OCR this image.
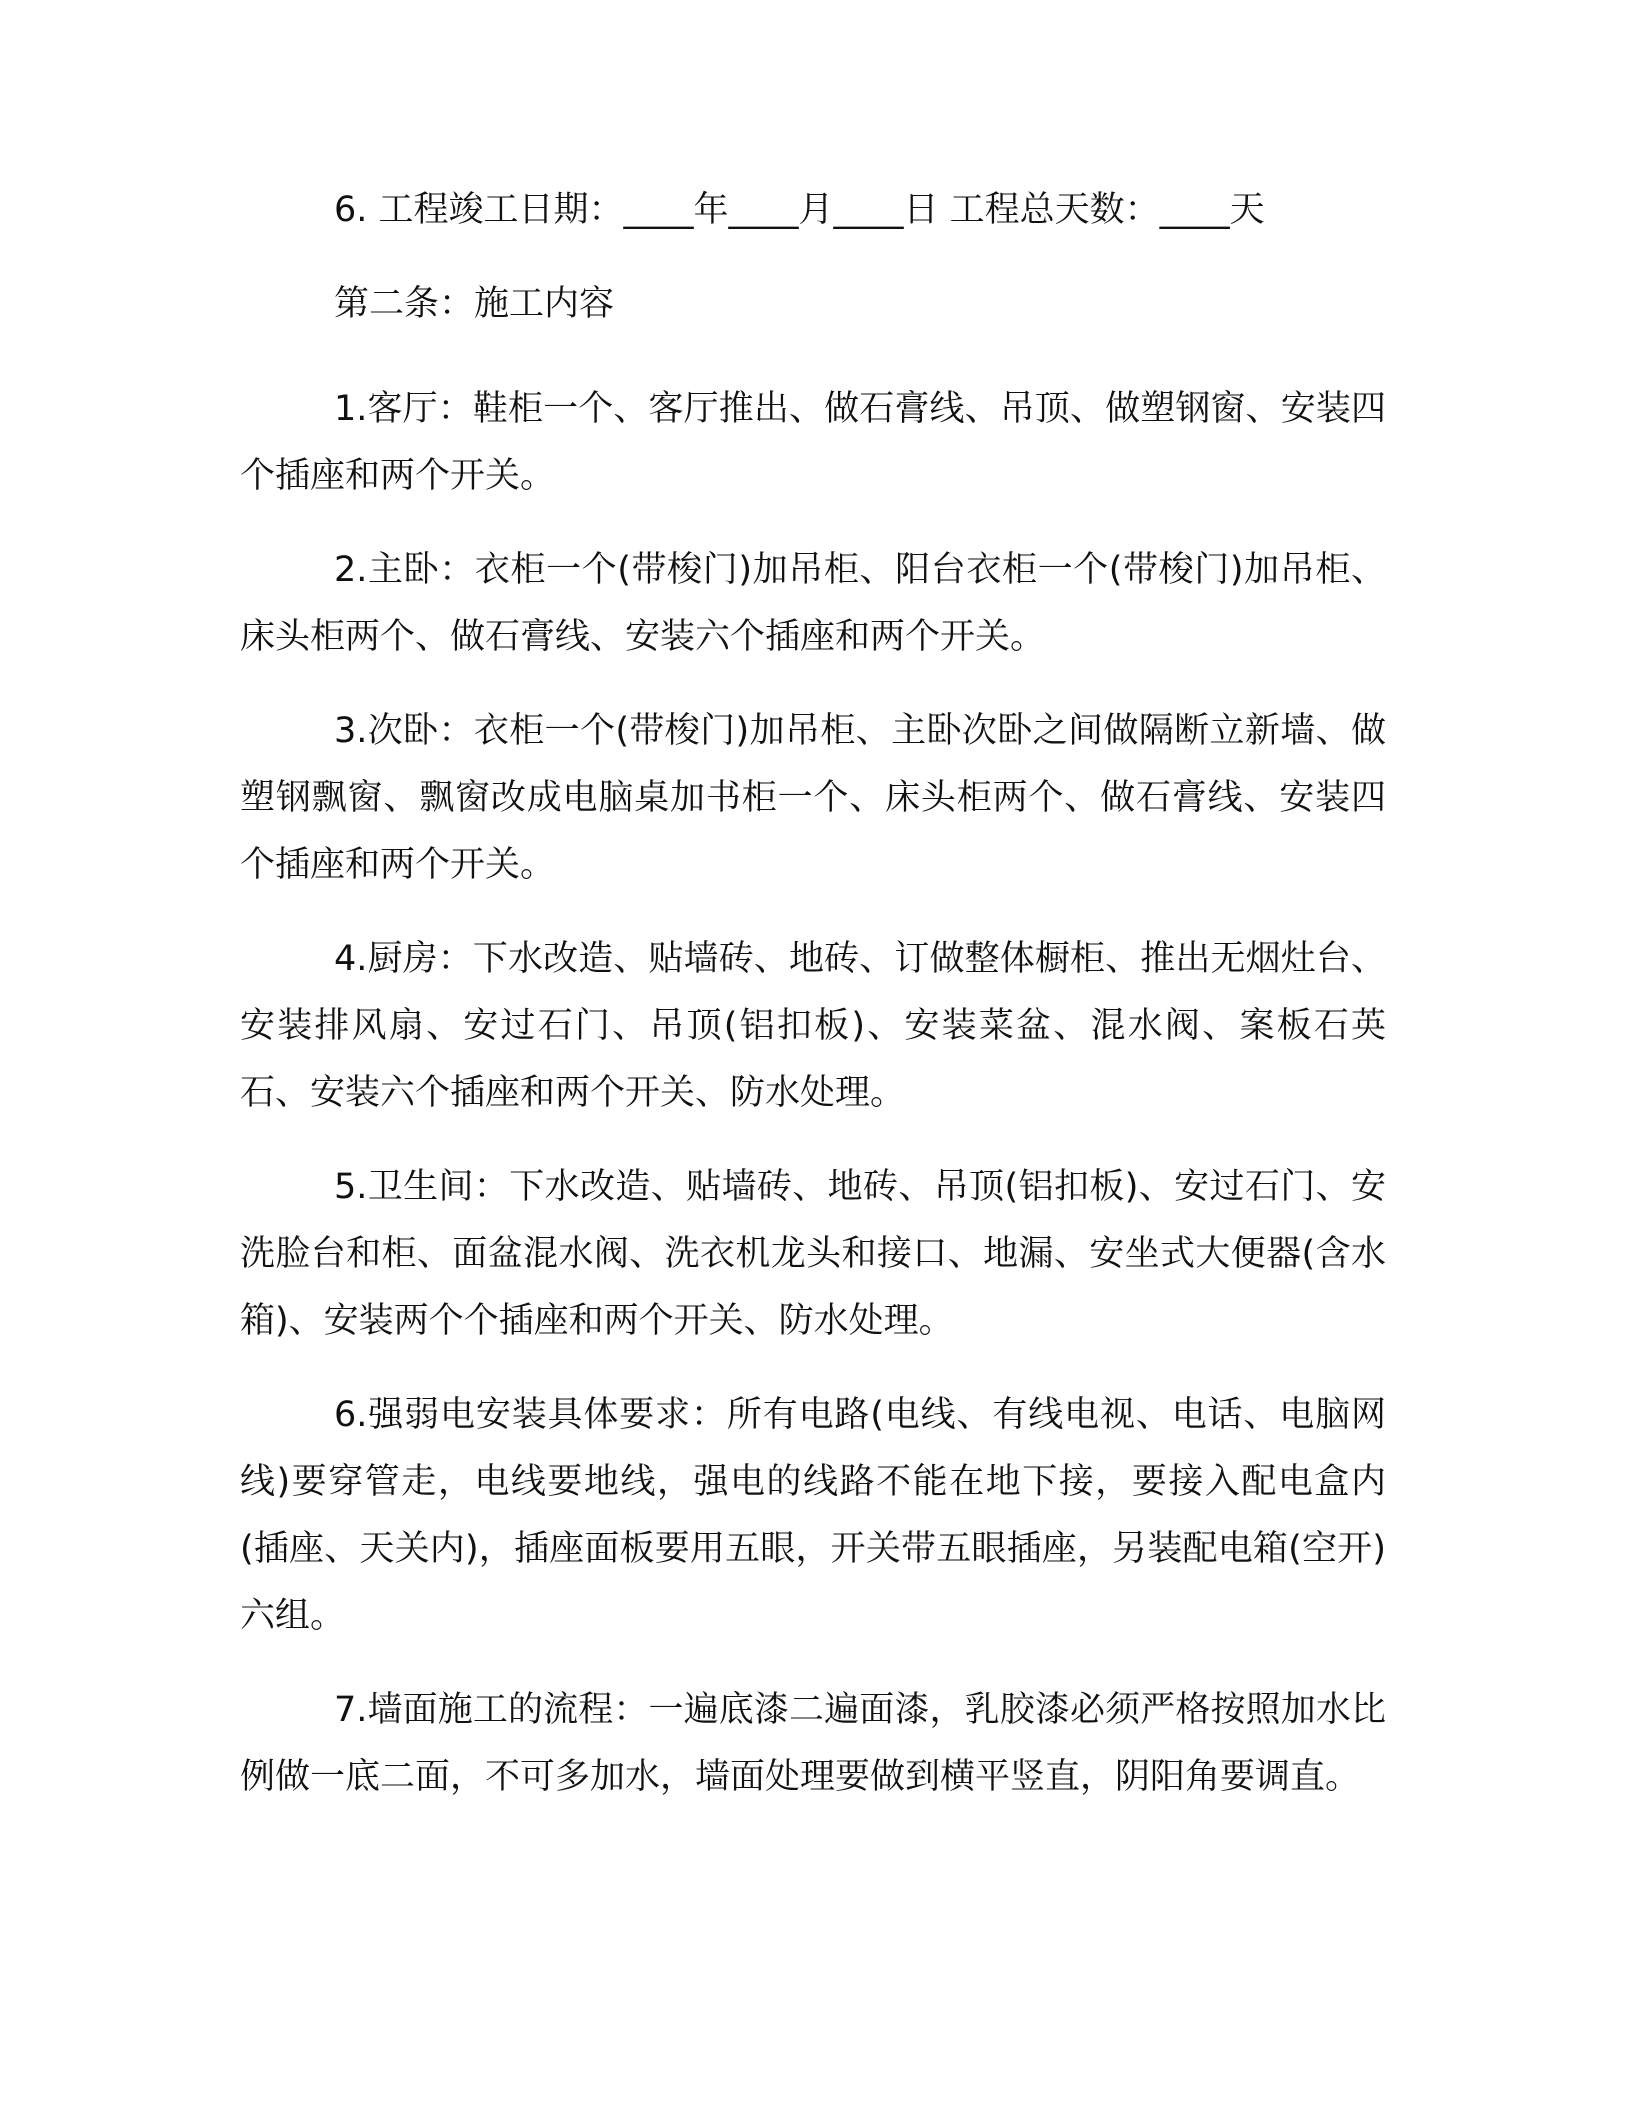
6. 工程竣工日期：____年____月____日 工程总天数：____天
第二条：施工内容

1.客厅：鞋柜一个、客厅推出、做石膏线、吊顶、做塑钢窗、安装四个插座和两个开关。

2.主卧：衣柜一个(带梭门)加吊柜、阳台衣柜一个(带梭门)加吊柜、床头柜两个、做石膏线、安装六个插座和两个开关。

3.次卧：衣柜一个(带梭门)加吊柜、主卧次卧之间做隔断立新墙、做塑钢飘窗、飘窗改成电脑桌加书柜一个、床头柜两个、做石膏线、安装四个插座和两个开关。

4.厨房：下水改造、贴墙砖、地砖、订做整体橱柜、推出无烟灶台、安装排风扇、安过石门、吊顶(铝扣板)、安装菜盆、混水阀、案板石英石、安装六个插座和两个开关、防水处理。

5.卫生间：下水改造、贴墙砖、地砖、吊顶(铝扣板)、安过石门、安洗脸台和柜、面盆混水阀、洗衣机龙头和接口、地漏、安坐式大便器(含水箱)、安装两个个插座和两个开关、防水处理。

6.强弱电安装具体要求：所有电路(电线、有线电视、电话、电脑网线)要穿管走，电线要地线，强电的线路不能在地下接，要接入配电盒内(插座、天关内)，插座面板要用五眼，开关带五眼插座，另装配电箱(空开)六组。

7.墙面施工的流程：一遍底漆二遍面漆，乳胶漆必须严格按照加水比例做一底二面，不可多加水，墙面处理要做到横平竖直，阴阳角要调直。
